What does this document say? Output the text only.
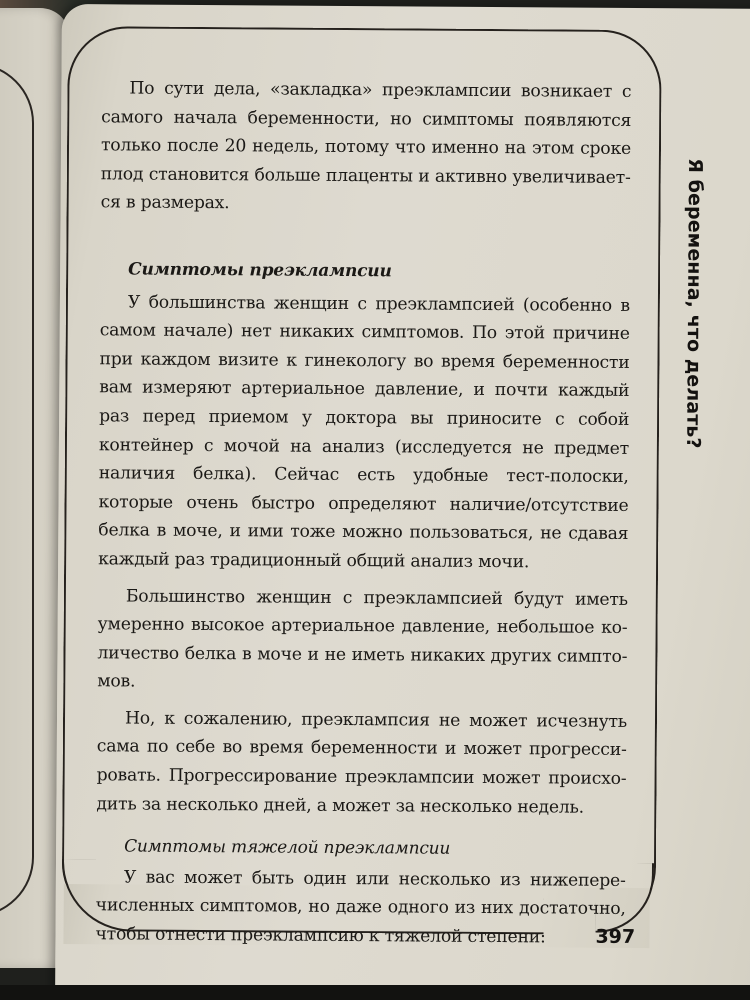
По сути дела, «закладка» преэклампсии возникает с самого начала беременности, но симптомы появляются только после 20 недель, потому что именно на этом сроке плод становится больше плаценты и активно увеличивается в размерах.

Симптомы преэклампсии

У большинства женщин с преэклампсией (особенно в самом начале) нет никаких симптомов. По этой причине при каждом визите к гинекологу во время беременности вам измеряют артериальное давление, и почти каждый раз перед приемом у доктора вы приносите с собой контейнер с мочой на анализ (исследуется не предмет наличия белка). Сейчас есть удобные тест-полоски, которые очень быстро определяют наличие/отсутствие белка в моче, и ими тоже можно пользоваться, не сдавая каждый раз традиционный общий анализ мочи.

Большинство женщин с преэклампсией будут иметь умеренно высокое артериальное давление, небольшое количество белка в моче и не иметь никаких других симптомов.

Но, к сожалению, преэклампсия не может исчезнуть сама по себе во время беременности и может прогрессировать. Прогрессирование преэклампсии может происходить за несколько дней, а может за несколько недель.

Симптомы тяжелой преэклампсии

У вас может быть один или несколько из нижеперечисленных симптомов, но даже одного из них достаточно, чтобы отнести преэклампсию к тяжелой степени:

Я беременна, что делать?
397
